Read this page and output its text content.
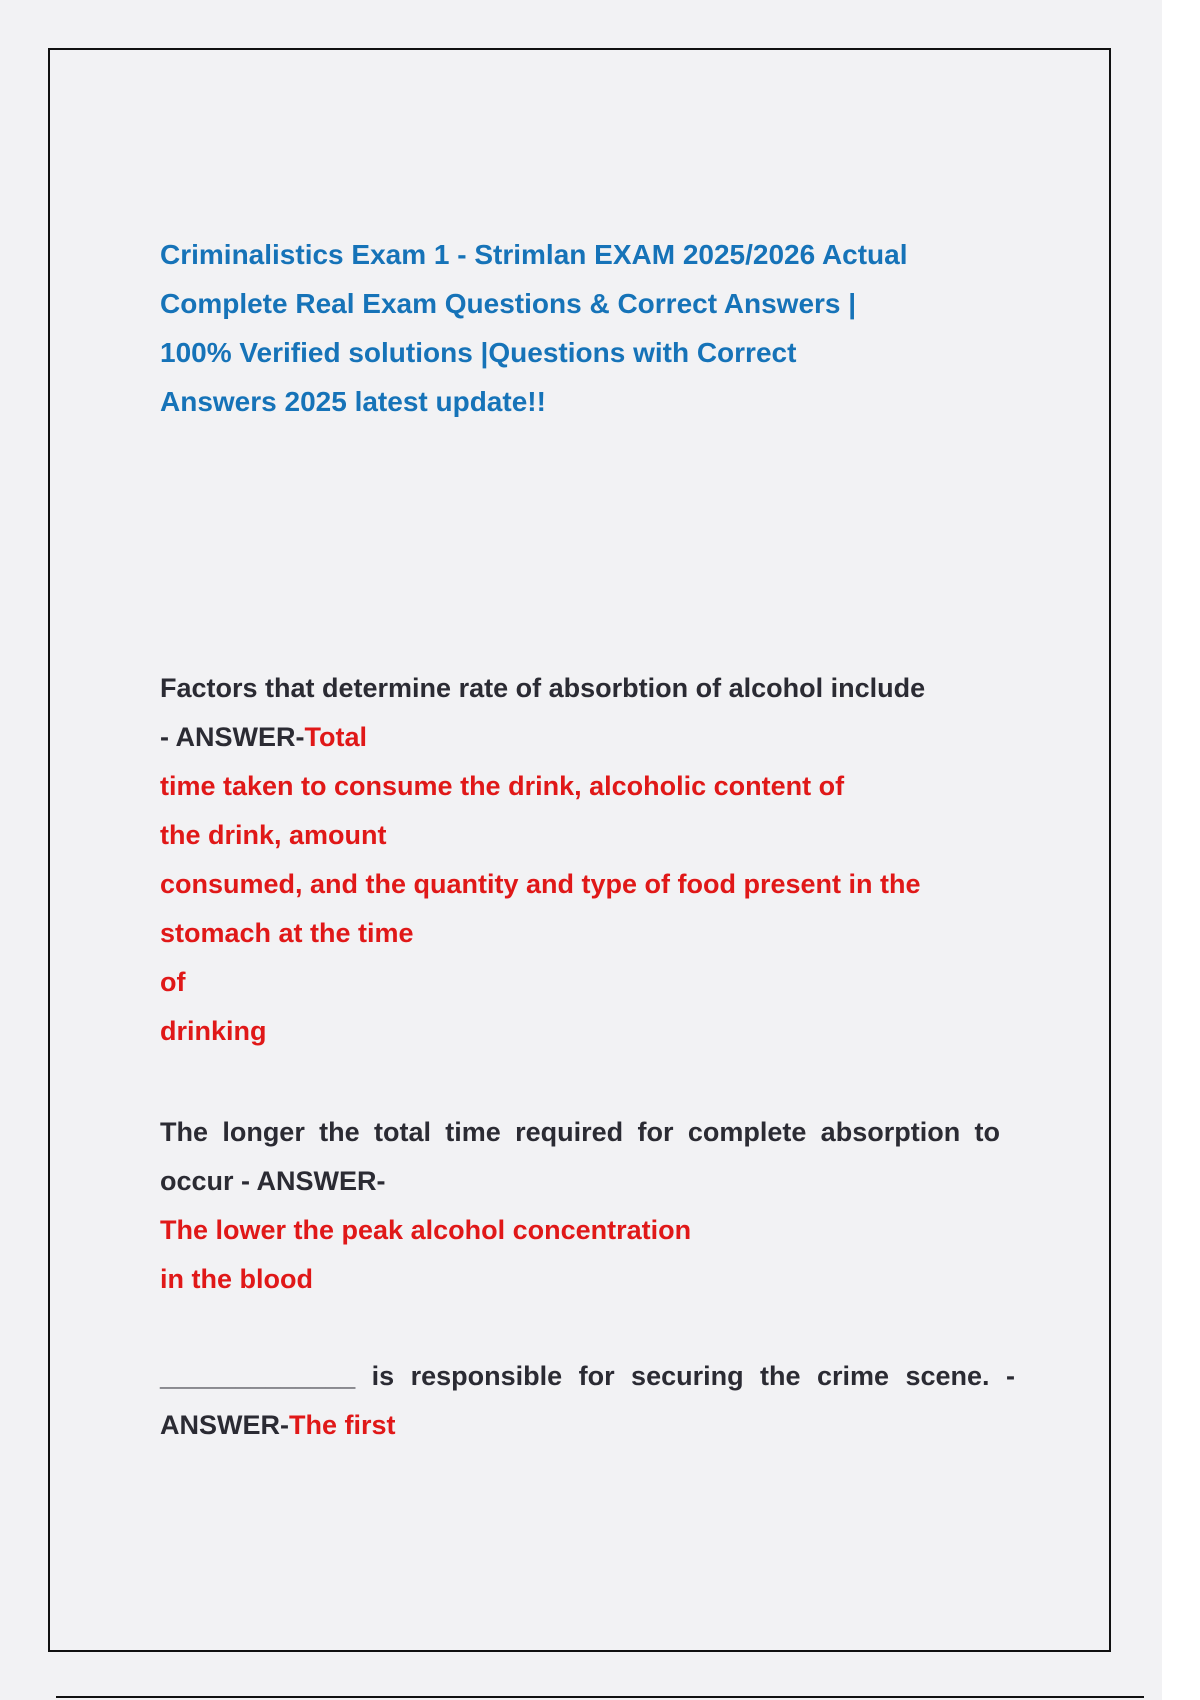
Criminalistics Exam 1 - Strimlan EXAM 2025/2026 Actual
Complete Real Exam Questions & Correct Answers |
100% Verified solutions |Questions with Correct
Answers 2025 latest update!!

Factors that determine rate of absorbtion of alcohol include
- ANSWER-Total
time taken to consume the drink, alcoholic content of
the drink, amount
consumed, and the quantity and type of food present in the
stomach at the time
of
drinking
The longer the total time required for complete absorption to
occur - ANSWER-
The lower the peak alcohol concentration
in the blood
_____________ is responsible for securing the crime scene. -
ANSWER-The first
